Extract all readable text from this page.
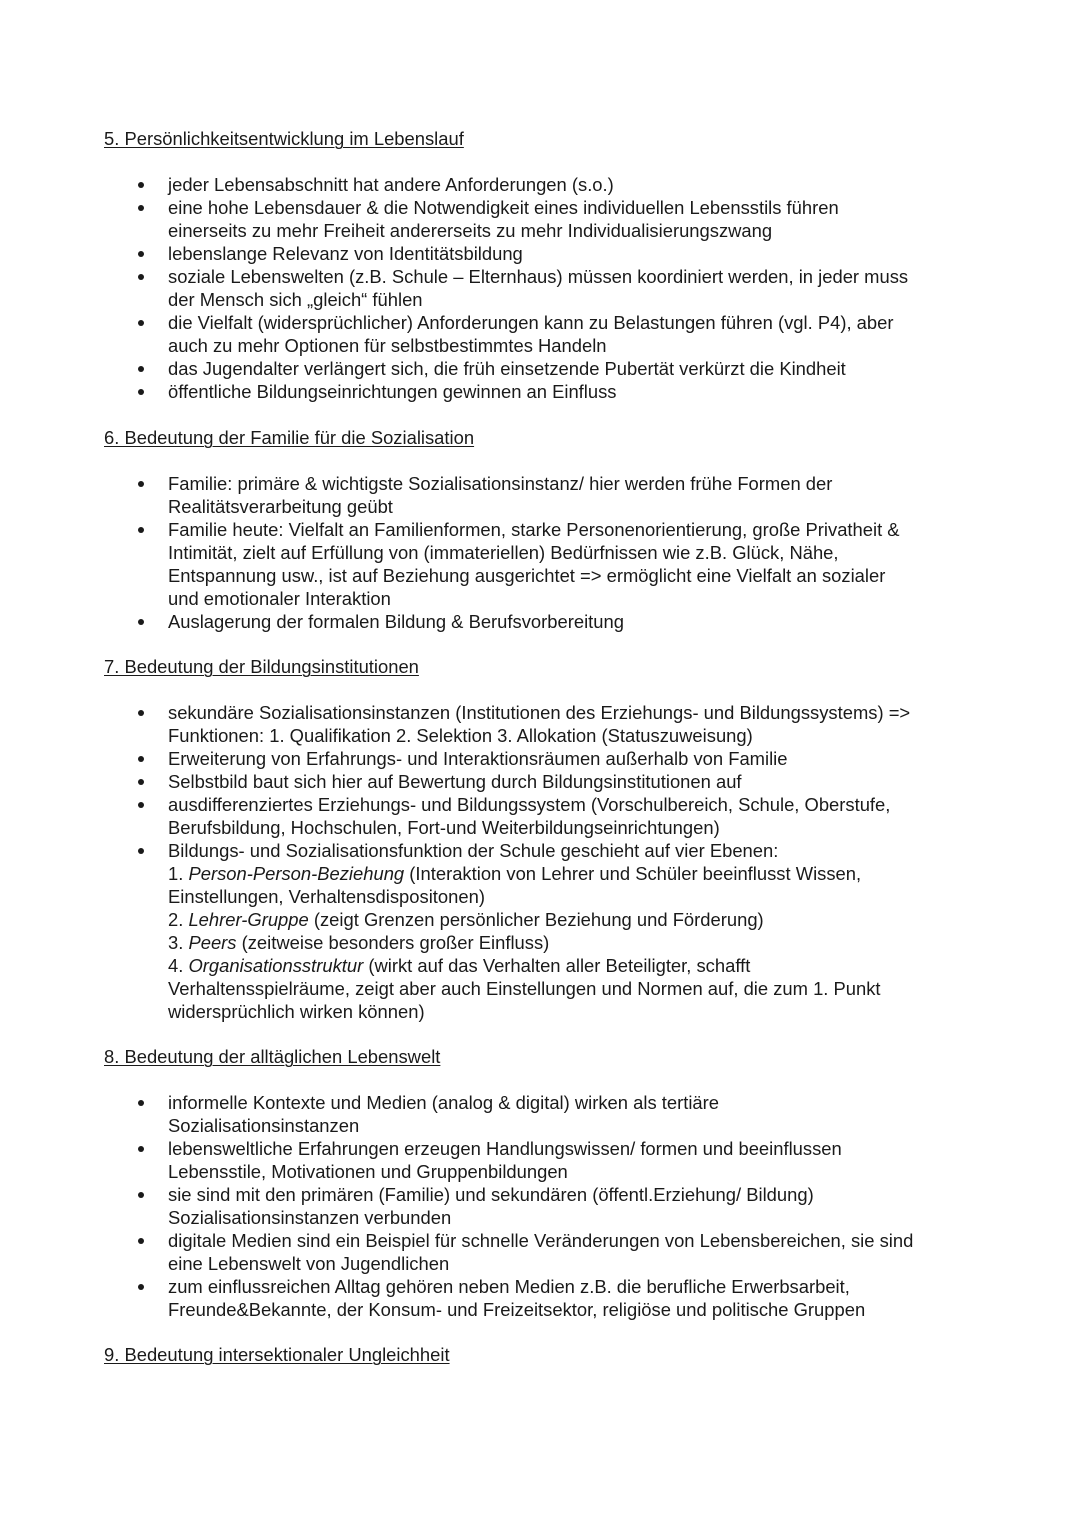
5. Persönlichkeitsentwicklung im Lebenslauf
jeder Lebensabschnitt hat andere Anforderungen (s.o.)
eine hohe Lebensdauer & die Notwendigkeit eines individuellen Lebensstils führen
einerseits zu mehr Freiheit andererseits zu mehr Individualisierungszwang
lebenslange Relevanz von Identitätsbildung
soziale Lebenswelten (z.B. Schule – Elternhaus) müssen koordiniert werden, in jeder muss
der Mensch sich „gleich“ fühlen
die Vielfalt (widersprüchlicher) Anforderungen kann zu Belastungen führen (vgl. P4), aber
auch zu mehr Optionen für selbstbestimmtes Handeln
das Jugendalter verlängert sich, die früh einsetzende Pubertät verkürzt die Kindheit
öffentliche Bildungseinrichtungen gewinnen an Einfluss
6. Bedeutung der Familie für die Sozialisation
Familie: primäre & wichtigste Sozialisationsinstanz/ hier werden frühe Formen der
Realitätsverarbeitung geübt
Familie heute: Vielfalt an Familienformen, starke Personenorientierung, große Privatheit &
Intimität, zielt auf Erfüllung von (immateriellen) Bedürfnissen wie z.B. Glück, Nähe,
Entspannung usw., ist auf Beziehung ausgerichtet => ermöglicht eine Vielfalt an sozialer
und emotionaler Interaktion
Auslagerung der formalen Bildung & Berufsvorbereitung
7. Bedeutung der Bildungsinstitutionen
sekundäre Sozialisationsinstanzen (Institutionen des Erziehungs- und Bildungssystems) =>
Funktionen: 1. Qualifikation 2. Selektion 3. Allokation (Statuszuweisung)
Erweiterung von Erfahrungs- und Interaktionsräumen außerhalb von Familie
Selbstbild baut sich hier auf Bewertung durch Bildungsinstitutionen auf
ausdifferenziertes Erziehungs- und Bildungssystem (Vorschulbereich, Schule, Oberstufe,
Berufsbildung, Hochschulen, Fort-und Weiterbildungseinrichtungen)
Bildungs- und Sozialisationsfunktion der Schule geschieht auf vier Ebenen:
1. Person-Person-Beziehung (Interaktion von Lehrer und Schüler beeinflusst Wissen,
Einstellungen, Verhaltensdispositonen)
2. Lehrer-Gruppe (zeigt Grenzen persönlicher Beziehung und Förderung)
3. Peers (zeitweise besonders großer Einfluss)
4. Organisationsstruktur (wirkt auf das Verhalten aller Beteiligter, schafft
Verhaltensspielräume, zeigt aber auch Einstellungen und Normen auf, die zum 1. Punkt
widersprüchlich wirken können)
8. Bedeutung der alltäglichen Lebenswelt
informelle Kontexte und Medien (analog & digital) wirken als tertiäre
Sozialisationsinstanzen
lebensweltliche Erfahrungen erzeugen Handlungswissen/ formen und beeinflussen
Lebensstile, Motivationen und Gruppenbildungen
sie sind mit den primären (Familie) und sekundären (öffentl.Erziehung/ Bildung)
Sozialisationsinstanzen verbunden
digitale Medien sind ein Beispiel für schnelle Veränderungen von Lebensbereichen, sie sind
eine Lebenswelt von Jugendlichen
zum einflussreichen Alltag gehören neben Medien z.B. die berufliche Erwerbsarbeit,
Freunde&Bekannte, der Konsum- und Freizeitsektor, religiöse und politische Gruppen
9. Bedeutung intersektionaler Ungleichheit
